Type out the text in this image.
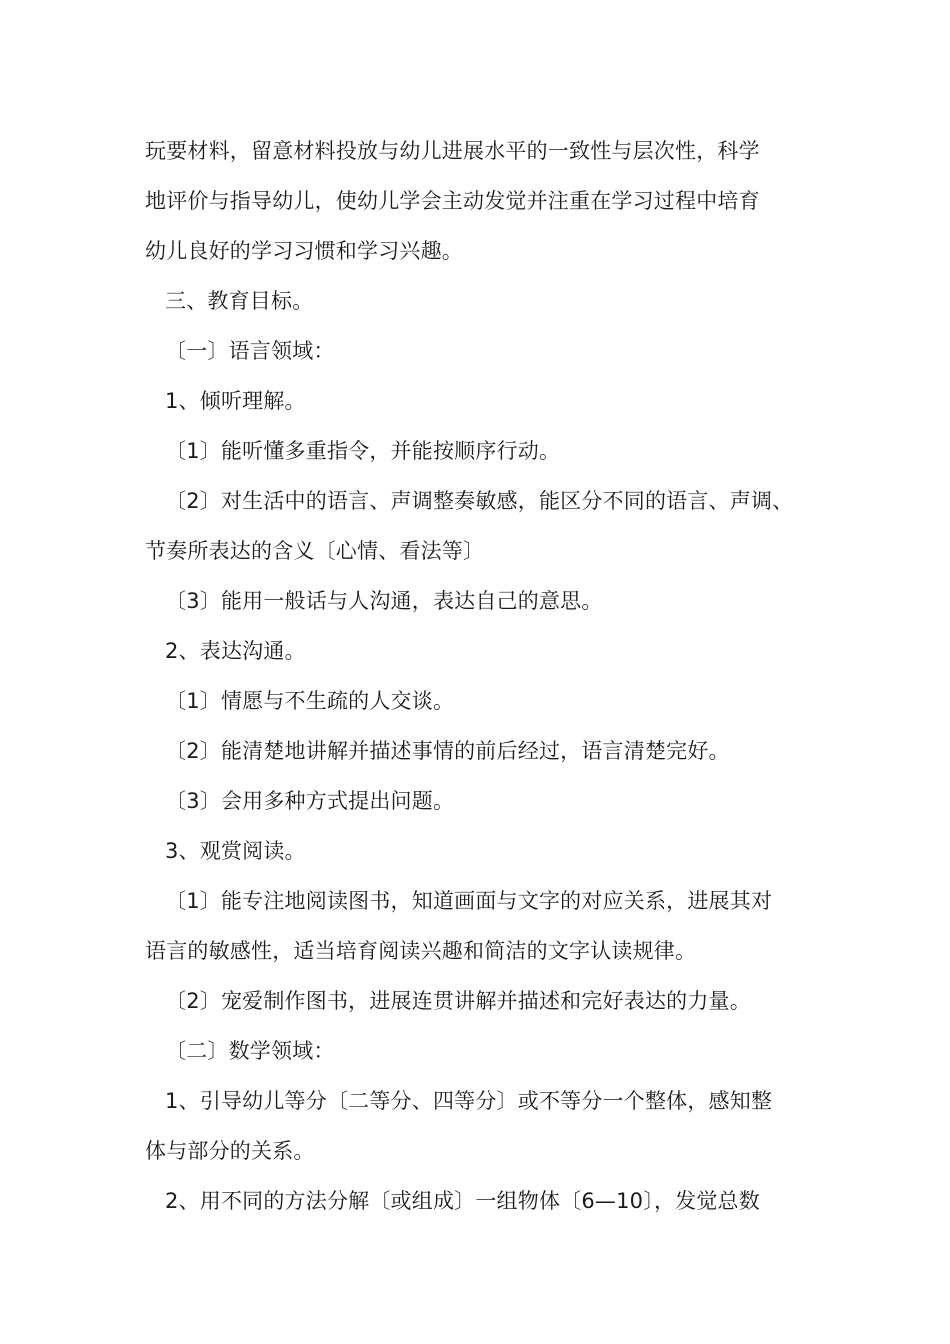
玩要材料，留意材料投放与幼儿进展水平的一致性与层次性，科学
地评价与指导幼儿，使幼儿学会主动发觉并注重在学习过程中培育
幼儿良好的学习习惯和学习兴趣。
三、教育目标。
〔一〕语言领域：
1、倾听理解。
〔1〕能听懂多重指令，并能按顺序行动。
〔2〕对生活中的语言、声调整奏敏感，能区分不同的语言、声调、
节奏所表达的含义〔心情、看法等〕
〔3〕能用一般话与人沟通，表达自己的意思。
2、表达沟通。
〔1〕情愿与不生疏的人交谈。
〔2〕能清楚地讲解并描述事情的前后经过，语言清楚完好。
〔3〕会用多种方式提出问题。
3、观赏阅读。
〔1〕能专注地阅读图书，知道画面与文字的对应关系，进展其对
语言的敏感性，适当培育阅读兴趣和简洁的文字认读规律。
〔2〕宠爱制作图书，进展连贯讲解并描述和完好表达的力量。
〔二〕数学领域：
1、引导幼儿等分〔二等分、四等分〕或不等分一个整体，感知整
体与部分的关系。
2、用不同的方法分解〔或组成〕一组物体〔6—10〕，发觉总数
